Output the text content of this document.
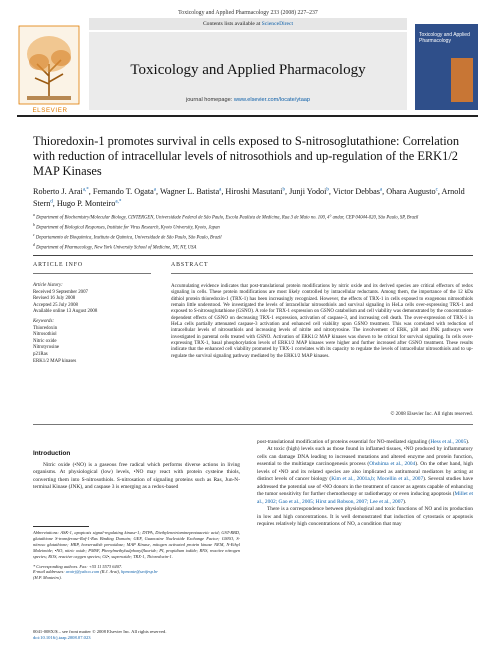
Toxicology and Applied Pharmacology 233 (2008) 227–237
ELSEVIER
Contents lists available at ScienceDirect
Toxicology and Applied Pharmacology
journal homepage: www.elsevier.com/locate/ytaap
Toxicology and Applied Pharmacology
Thioredoxin-1 promotes survival in cells exposed to S-nitrosoglutathione: Correlation with reduction of intracellular levels of nitrosothiols and up-regulation of the ERK1/2 MAP Kinases
Roberto J. Arai$^{a,*}$, Fernando T. Ogata$^a$, Wagner L. Batista$^a$, Hiroshi Masutani$^b$, Junji Yodoi$^b$, Victor Debbas$^a$, Ohara Augusto$^c$, Arnold Stern$^d$, Hugo P. Monteiro$^{a,*}$
$^a$ Department of Biochemistry/Molecular Biology, CINTERGEN, Universidade Federal de São Paulo, Escola Paulista de Medicina, Rua 3 de Maio no. 100, 4° andar, CEP 04044-020, São Paulo, SP, Brazil
$^b$ Department of Biological Responses, Institute for Virus Research, Kyoto University, Kyoto, Japan
$^c$ Departamento de Bioquímica, Instituto de Química, Universidade de São Paulo, São Paulo, Brazil
$^d$ Department of Pharmacology, New York University School of Medicine, NY, NY, USA
ARTICLE INFO	ABSTRACT
Article history:
Received 9 September 2007
Revised 16 July 2008
Accepted 25 July 2008
Available online 13 August 2008
Keywords:
Thioredoxin
Nitrosothiol
Nitric oxide
Nitrotyrosine
p21Ras
ERK1/2 MAP kinases
Accumulating evidence indicates that post-translational protein modifications by nitric oxide and its derived species are critical effectors of redox signaling in cells. These protein modifications are most likely controlled by intracellular reductants. Among them, the importance of the 12 kDa dithiol protein thioredoxin-1 (TRX-1) has been increasingly recognized. However, the effects of TRX-1 in cells exposed to exogenous nitrosothiols remain little understood. We investigated the levels of intracellular nitrosothiols and survival signaling in HeLa cells over-expressing TRX-1 and exposed to S-nitrosoglutathione (GSNO). A role for TRX-1 expression on GSNO catabolism and cell viability was demonstrated by the concentration-dependent effects of GSNO on decreasing TRX-1 expression, activation of caspase-3, and increasing cell death. The over-expression of TRX-1 in HeLa cells partially attenuated caspase-3 activation and enhanced cell viability upon GSNO treatment. This was correlated with reduction of intracellular levels of nitrosothiols and increasing levels of nitrite and nitrotyrosine. The involvement of ERK, p38 and JNK pathways were investigated in parental cells treated with GSNO. Activation of ERK1/2 MAP kinases was shown to be critical for survival signaling. In cells over-expressing TRX-1, basal phosphorylation levels of ERK1/2 MAP kinases were higher and further increased after GSNO treatment. These results indicate that the enhanced cell viability promoted by TRX-1 correlates with its capacity to regulate the levels of intracellular nitrosothiols and to up-regulate the survival signaling pathway mediated by the ERK1/2 MAP kinases.
© 2008 Elsevier Inc. All rights reserved.
Introduction
Nitric oxide (•NO) is a gaseous free radical which performs diverse actions in living organisms. At physiological (low) levels, •NO may react with protein cysteine thiols, converting them into S-nitrosothiols. S-nitrosation of signaling proteins such as Ras, Jun-N-terminal Kinase (JNK), and caspase 3 is emerging as a redox-based

post-translational modification of proteins essential for NO-mediated signaling (Hess et al., 2005).

At toxic (high) levels such as those found in inflamed tissues, •NO produced by inflammatory cells can damage DNA leading to increased mutations and altered enzyme and protein function, essential to the multistage carcinogenesis process (Ohshima et al., 2004). On the other hand, high levels of •NO and its related species are also implicated as antitumoral mediators by acting at distinct levels of cancer biology (Kim et al., 2001a,b; Mocellin et al., 2007). Several studies have addressed the potential use of •NO donors in the treatment of cancer as agents capable of enhancing the tumor sensitivity for further chemotherapy or radiotherapy or even inducing apoptosis (Millet et al., 2002; Gao et al., 2005; Hirst and Robson, 2007; Lee et al., 2007).

There is a correspondence between physiological and toxic functions of NO and its production in low and high concentrations. It is well demonstrated that induction of cytostasis or apoptosis requires relatively high concentrations of NO, a condition that may

Abbreviations: ASK-1, apoptosis signal-regulating kinase-1; DTPA, Diethylenetriaminepentaacetic acid; GST-RBD, glutathione S-transferase-Raf-1-Ras Binding Domain; GEF, Guanosine Nucleotide Exchange Factor; GSNO, S-nitroso glutathione; HRP, horseradish peroxidase; MAP Kinase, mitogen activated protein kinase NEM, N-Ethyl Maleimide; •NO, nitric oxide; PMSF, Phenylmethylsulphonylfluoride; PI, propidium iodide; RNS, reactive nitrogen species; ROS, reactive oxygen species; O2•, superoxide; TRX-1, Thioredoxin-1.
* Corresponding authors. Fax: +55 11 5573 6407.
E-mail addresses: arairj@yahoo.com (R.J. Arai), hpmonte@unifesp.br
(H.P. Monteiro).
0041-008X/$ – see front matter © 2008 Elsevier Inc. All rights reserved.
doi:10.1016/j.taap.2008.07.023
